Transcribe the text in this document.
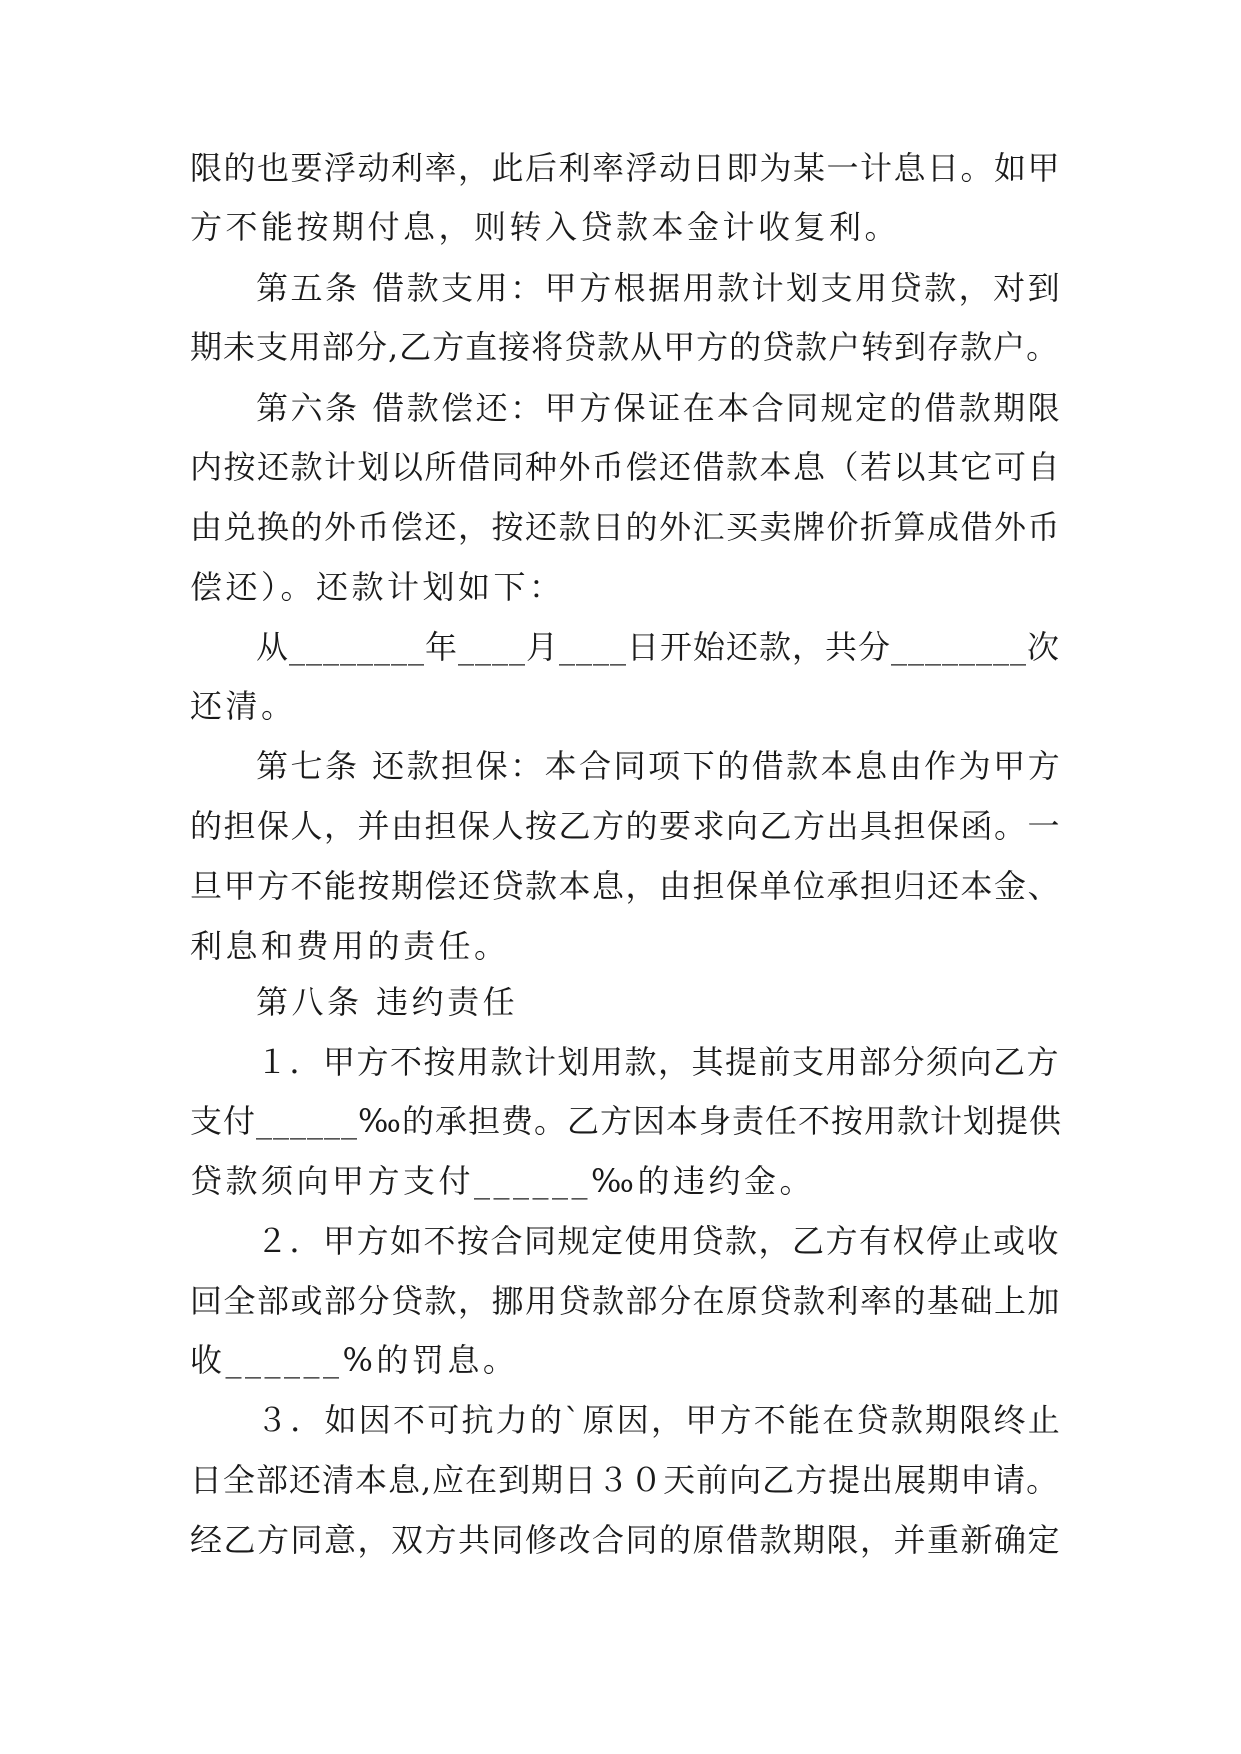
限的也要浮动利率，此后利率浮动日即为某一计息日。如甲

方不能按期付息，则转入贷款本金计收复利。

第五条 借款支用：甲方根据用款计划支用贷款，对到

期未支用部分,乙方直接将贷款从甲方的贷款户转到存款户。

第六条 借款偿还：甲方保证在本合同规定的借款期限

内按还款计划以所借同种外币偿还借款本息（若以其它可自

由兑换的外币偿还，按还款日的外汇买卖牌价折算成借外币

偿还）。还款计划如下：

从________年____月____日开始还款，共分________次

还清。

第七条 还款担保：本合同项下的借款本息由作为甲方

的担保人，并由担保人按乙方的要求向乙方出具担保函。一

旦甲方不能按期偿还贷款本息，由担保单位承担归还本金、

利息和费用的责任。

第八条 违约责任

１．甲方不按用款计划用款，其提前支用部分须向乙方

支付______‰的承担费。乙方因本身责任不按用款计划提供

贷款须向甲方支付______‰的违约金。

２．甲方如不按合同规定使用贷款，乙方有权停止或收

回全部或部分贷款，挪用贷款部分在原贷款利率的基础上加

收______%的罚息。

３．如因不可抗力的`原因，甲方不能在贷款期限终止

日全部还清本息,应在到期日３０天前向乙方提出展期申请。

经乙方同意，双方共同修改合同的原借款期限，并重新确定
